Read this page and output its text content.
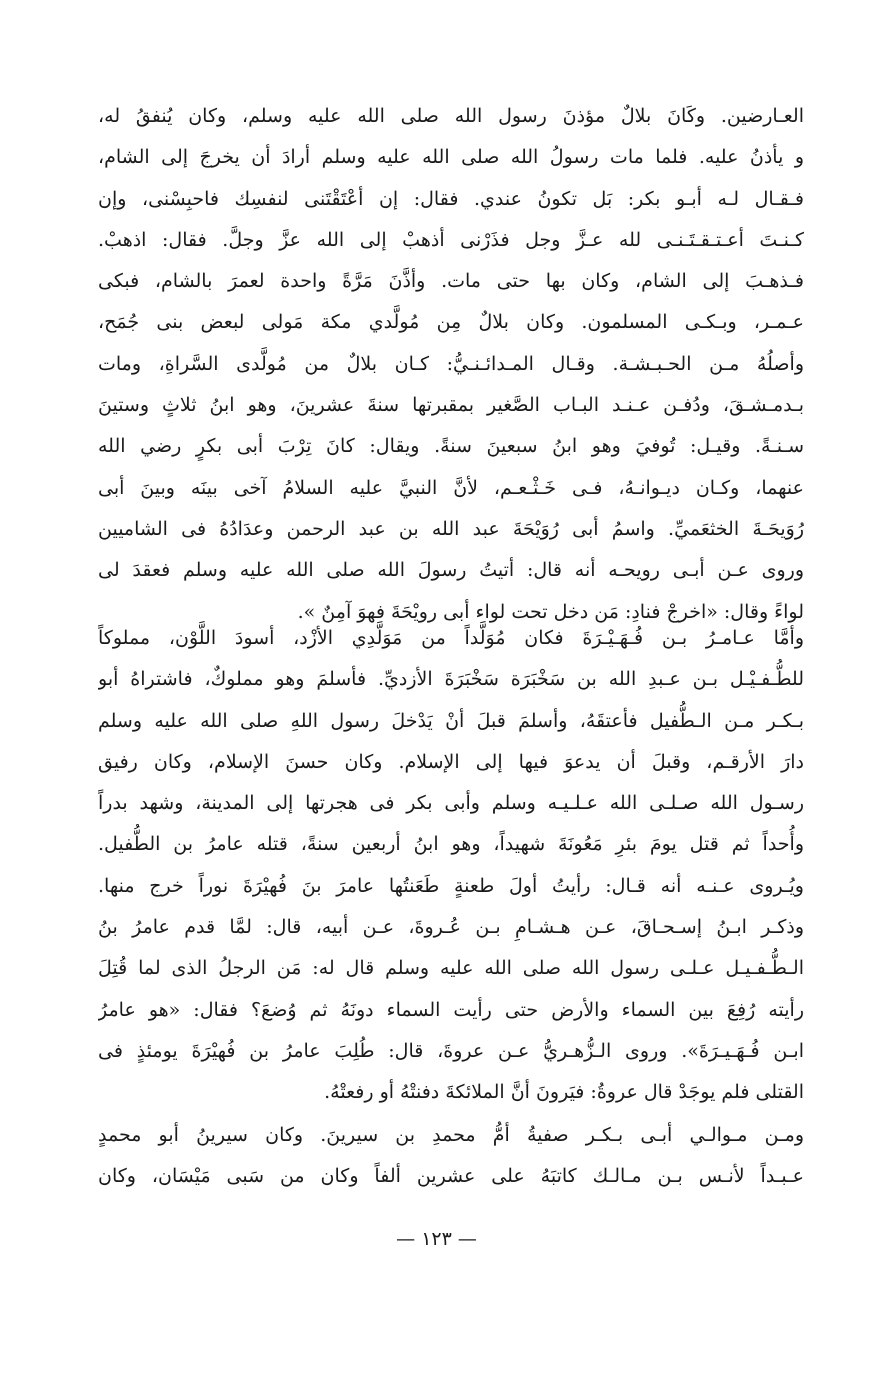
العـارضين. وكَانَ بلالٌ مؤذنَ رسول الله صلى الله عليه وسلم، وكان يُنفقُ له،
و يأذنُ عليه. فلما مات رسولُ الله صلى الله عليه وسلم أرادَ أن يخرجَ إلى الشام،
فـقـال لـه أبـو بكر: بَل تكونُ عندي. فقال: إن أعْتَقْتَنى لنفسِك فاحبِسْنى، وإن
كـنـتَ أعـتـقـتَـنـى لله عـزَّ وجل فذَرْنى أذهبْ إلى الله عزَّ وجلَّ. فقال: اذهبْ.
فـذهـبَ إلى الشام، وكان بها حتى مات. وأذَّنَ مَرَّةً واحدة لعمرَ بالشام، فبكى
عـمـر، وبـكـى المسلمون. وكان بلالٌ مِن مُولَّدي مكة مَولى لبعض بنى جُمَح،
وأصلُهُ مـن الحـبـشـة. وقـال المـدائـنـيُّ: كـان بلالٌ من مُولَّدى السَّراةِ، ومات
بـدمـشـقَ، ودُفـن عـنـد البـاب الصَّغير بمقبرتها سنةَ عشرينَ، وهو ابنُ ثلاثٍ وستينَ
سـنـةً. وقيـل: تُوفيَ وهو ابنُ سبعينَ سنةً. ويقال: كانَ تِرْبَ أبى بكرٍ رضي الله
عنهما، وكـان ديـوانـهُ، فـى خَـثْـعـم، لأنَّ النبيَّ عليه السلامُ آخى بينَه وبينَ أبى
رُوَيحَـةَ الخثعَميِّ. واسمُ أبى رُوَيْحَةَ عبد الله بن عبد الرحمن وعدَادُهُ فى الشاميين
وروى عـن أبـى رويحـه أنه قال: أتيتُ رسولَ الله صلى الله عليه وسلم فعقدَ لى
لواءً وقال: «اخرجْ فنادِ: مَن دخل تحت لواء أبى رويْحَةَ فهوَ آمِنٌ ».
وأمَّا عـامـرُ بـن فُـهَـيْـرَةَ فكان مُوَلَّداً من مَوَلَّدِي الأزْد، أسودَ اللَّوْن، مملوكاً
للطُّـفـيْـل بـن عـبدِ الله بن سَخْبَرَة سَخْبَرَةَ الأزديِّ. فأسلمَ وهو مملوكٌ، فاشتراهُ أبو
بـكـر مـن الـطُّفيل فأعتقَهُ، وأسلمَ قبلَ أنْ يَدْخلَ رسول اللهِ صلى الله عليه وسلم
دارَ الأرقـم، وقبلَ أن يدعوَ فيها إلى الإسلام. وكان حسنَ الإسلام، وكان رفيق
رسـول الله صـلـى الله عـلـيـه وسلم وأبى بكر فى هجرتها إلى المدينة، وشهد بدراً
وأُحداً ثم قتل يومَ بئرِ مَعُونَةَ شهيداً، وهو ابنُ أربعين سنةً، قتله عامرُ بن الطُّفيل.
ويُـروى عـنـه أنه قـال: رأيتُ أولَ طعنةٍ طَعَنتُها عامرَ بنَ فُهيْرَةَ نوراً خرج منها.
وذكـر ابـنُ إسـحـاقَ، عـن هـشـامِ بـن عُـروةَ، عـن أبيه، قال: لمَّا قدم عامرُ بنُ
الـطُّـفـيـل عـلـى رسول الله صلى الله عليه وسلم قال له: مَن الرجلُ الذى لما قُتِلَ
رأيته رُفِعَ بين السماء والأرض حتى رأيت السماء دونَهُ ثم وُضعَ؟ فقال: «هو عامرُ
ابـن فُـهَـيـرَةَ». وروى الـزُّهـريُّ عـن عروةَ، قال: طُلِبَ عامرُ بن فُهيْرَةَ يومئذٍ فى
القتلى فلم يوجَدْ قال عروةُ: فيَرونَ أنَّ الملائكةَ دفنتْهُ أو رفعتْهُ.
ومـن مـوالـي أبـى بـكـر صفيةُ أمُّ محمدِ بن سيرينَ. وكان سيرينُ أبو محمدٍ
عـبـداً لأنـس بـن مـالـك كاتبَهُ على عشرين ألفاً وكان من سَبى مَيْسَان، وكان
— ١٢٣ —
